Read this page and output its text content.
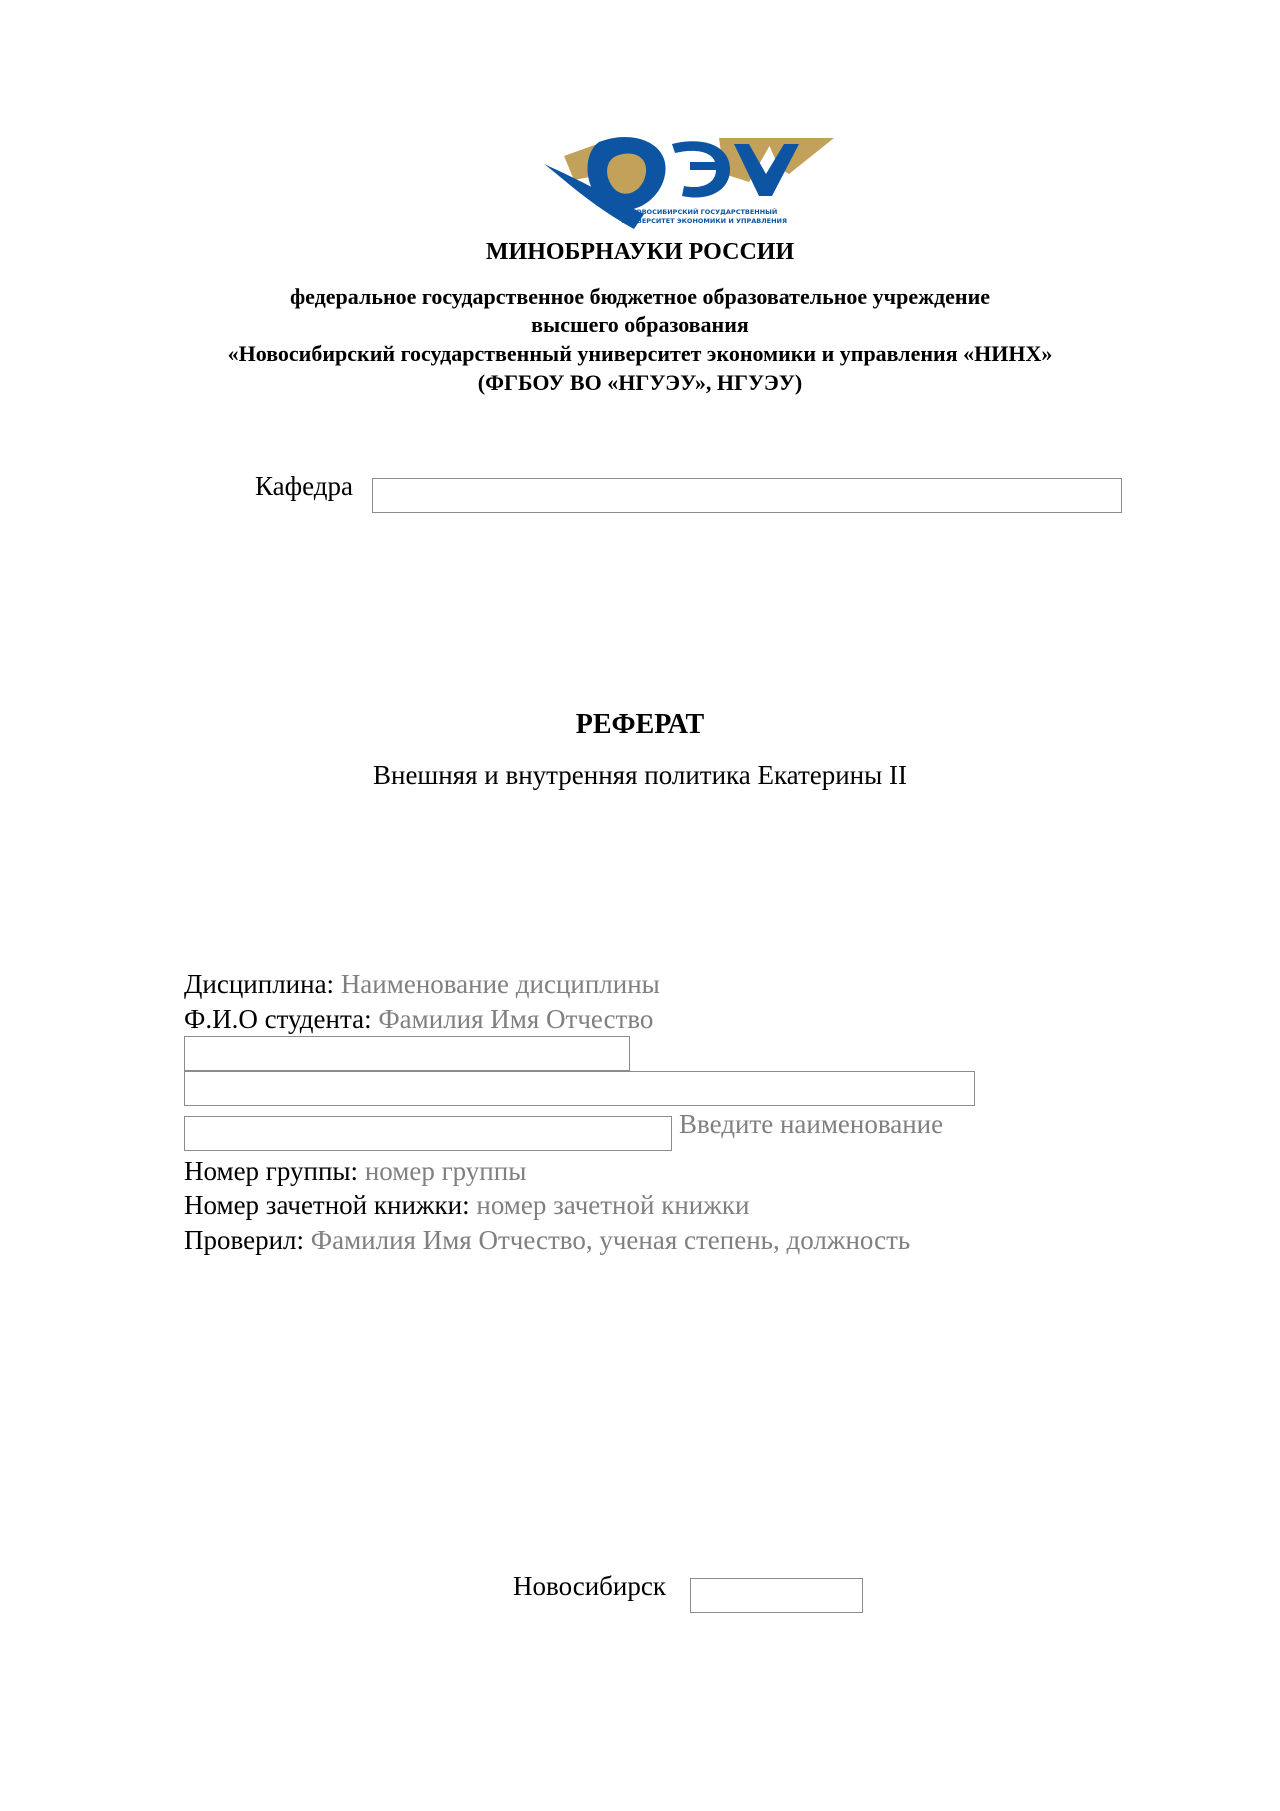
НОВОСИБИРСКИЙ ГОСУДАРСТВЕННЫЙ
УНИВЕРСИТЕТ ЭКОНОМИКИ И УПРАВЛЕНИЯ
МИНОБРНАУКИ РОССИИ
федеральное государственное бюджетное образовательное учреждение
высшего образования
«Новосибирский государственный университет экономики и управления «НИНХ»
(ФГБОУ ВО «НГУЭУ», НГУЭУ)
Кафедра
РЕФЕРАТ
Внешняя и внутренняя политика Екатерины II
Дисциплина: Наименование дисциплины
Ф.И.О студента: Фамилия Имя Отчество
Введите наименование
Номер группы: номер группы
Номер зачетной книжки: номер зачетной книжки
Проверил: Фамилия Имя Отчество, ученая степень, должность
Новосибирск
